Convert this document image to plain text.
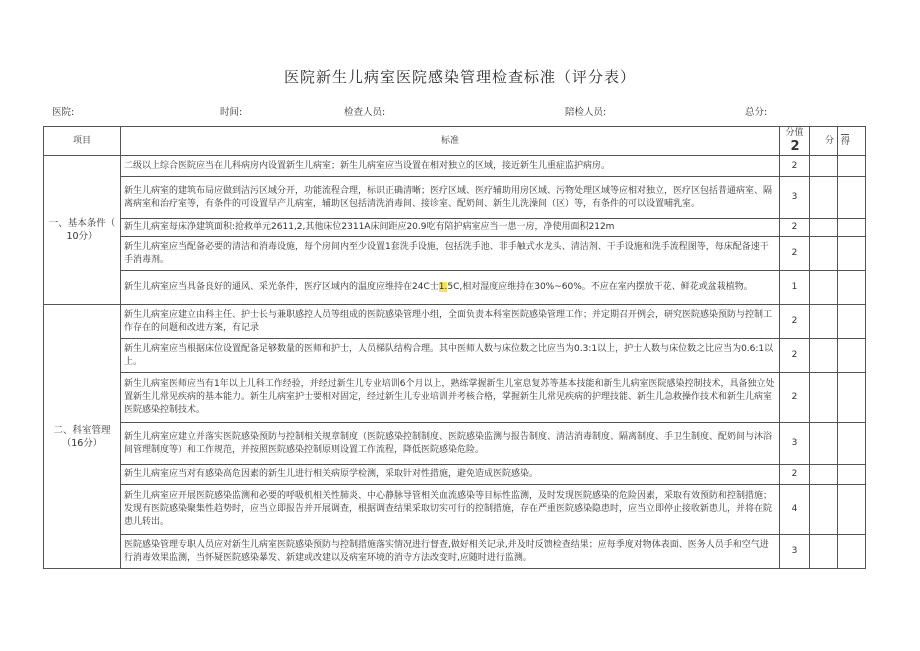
医院新生儿病室医院感染管理检查标准（评分表）
医院:	时间:	检查人员:	陪检人员:	总分:
项目	标准	分值2	分	得

一、基本条件（
10分）	二级以上综合医院应当在儿科病房内设置新生儿病室；新生儿病室应当设置在相对独立的区域，接近新生儿重症监护病房。	2		
	新生儿病室的建筑布局应做到洁污区域分开，功能流程合理，标识正确清晰；医疗区域、医疗辅助用房区域、污物处理区域等应相对独立，医疗区包括普通病室、隔离病室和治疗室等，有条件的可设置早产儿病室，辅助区包括清洗消毒间、接诊室、配奶间、新生儿洗澡间（区）等，有条件的可以设置哺乳室。	3		
	新生儿病室每床净建筑面积:抢救单元2611,2,其他床位2311A床间距应20.9吃有陪护病室应当一患一房，净使用面积212m	2		
	新生儿病室应当配备必要的清洁和消毒设施，每个房间内至少设置1套洗手设施，包括洗手池、非手触式水龙头、清洁剂、干手设施和洗手流程图等，每床配备速干手消毒剂。	2		
	新生儿病室应当具备良好的通风、采光条件，医疗区域内的温度应维持在24C士1.5C,相对湿度应维持在30%~60%。不应在室内摆放干花、鲜花或盆栽植物。	1		

二、科室管理
（16分）	新生儿病室应建立由科主任、护士长与兼职感控人员等组成的医院感染管理小组，全面负责本科室医院感染管理工作；并定期召开例会，研究医院感染预防与控制工作存在的问题和改进方案，有记录	2		
	新生儿病室应当根据床位设置配备足够数量的医师和护士，人员梯队结构合理。其中医师人数与床位数之比应当为0.3:1以上，护士人数与床位数之比应当为0.6:1以上。	2		
	新生儿病室医师应当有1年以上儿科工作经验，并经过新生儿专业培训6个月以上，熟练掌握新生儿室息复苏等基本技能和新生儿病室医院感染控制技术，具备独立处置新生儿常见疾病的基本能力。新生儿病室护士要相对固定，经过新生儿专业培训并考核合格，掌握新生儿常见疾病的护理技能、新生儿急救操作技术和新生儿病室医院感染控制技术。	2		
	新生儿病室应建立并落实医院感染预防与控制相关规章制度（医院感染控制制度、医院感染监测与报告制度、清洁消毒制度、隔离制度、手卫生制度、配奶间与沐浴间管理制度等）和工作规范，并按照医院感染控制原则设置工作流程，降低医院感染危险。	3		
	新生儿病室应当对有感染高危因素的新生儿进行相关病原学检测，采取针对性措施，避免造成医院感染。	2		
	新生儿病室应开展医院感染监测和必要的呼吸机相关性肺炎、中心静脉导管相关血流感染等目标性监测，及时发现医院感染的危险因素，采取有效预防和控制措施；发现有医院感染聚集性趋势时，应当立即报告并开展调查，根据调查结果采取切实可行的控制措施，存在严重医院感染隐患时，应当立即停止接收新患儿，并将在院患儿转出。	4		
	医院感染管理专职人员应对新生儿病室医院感染预防与控制措施落实情况进行督查,做好相关记录,并及时反馈检查结果；应每季度对物体表面、医务人员手和空气进行消毒效果监测，当怀疑医院感染暴发、新建或改建以及病室环境的消寺方法改变时,应随时进行监测。	3		
